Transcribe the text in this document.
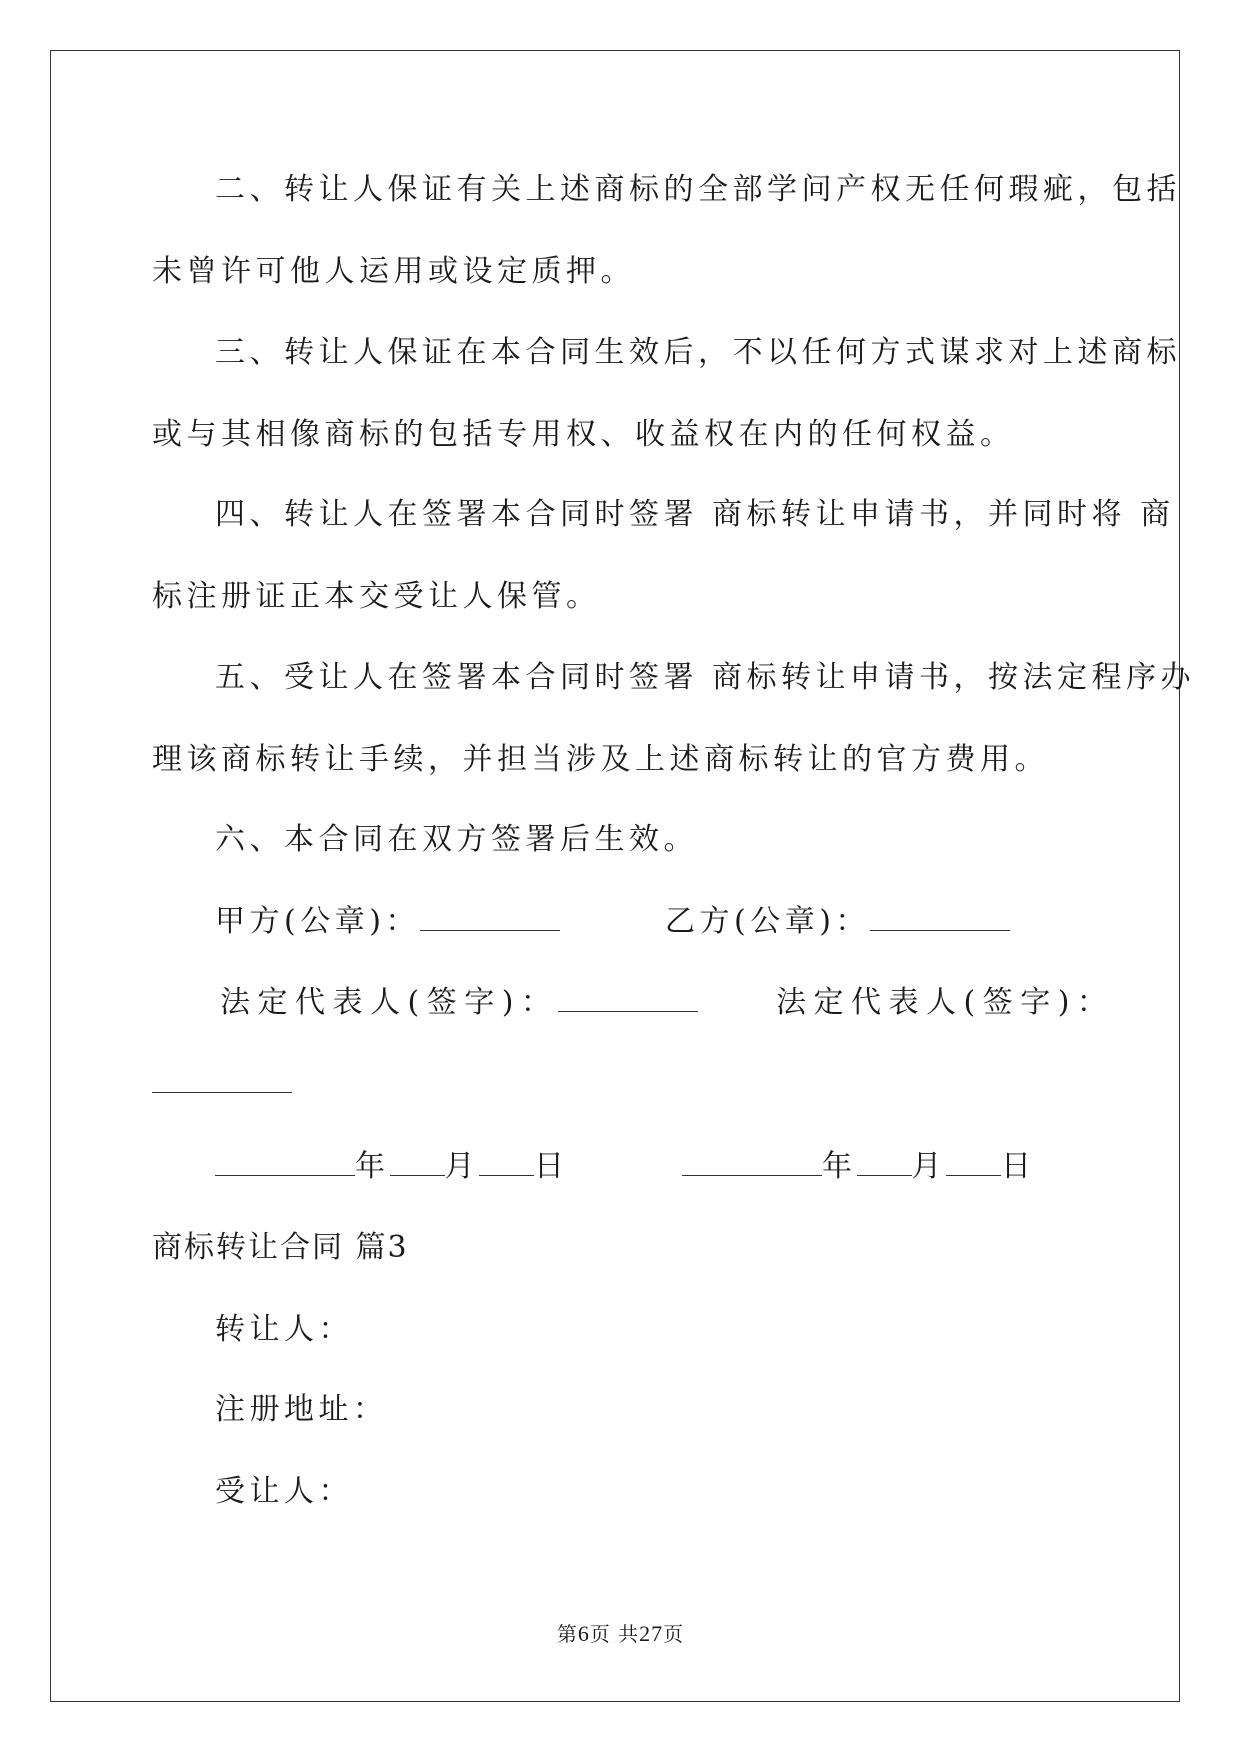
二、转让人保证有关上述商标的全部学问产权无任何瑕疵，包括
未曾许可他人运用或设定质押。
三、转让人保证在本合同生效后，不以任何方式谋求对上述商标
或与其相像商标的包括专用权、收益权在内的任何权益。
四、转让人在签署本合同时签署 商标转让申请书，并同时将 商
标注册证正本交受让人保管。
五、受让人在签署本合同时签署 商标转让申请书，按法定程序办
理该商标转让手续，并担当涉及上述商标转让的官方费用。
六、本合同在双方签署后生效。
甲方(公章)：	乙方(公章)：
法定代表人(签字)：	法定代表人(签字)：
年 月 日	年 月 日
商标转让合同 篇3
转让人：
注册地址：
受让人：
第6页 共27页
